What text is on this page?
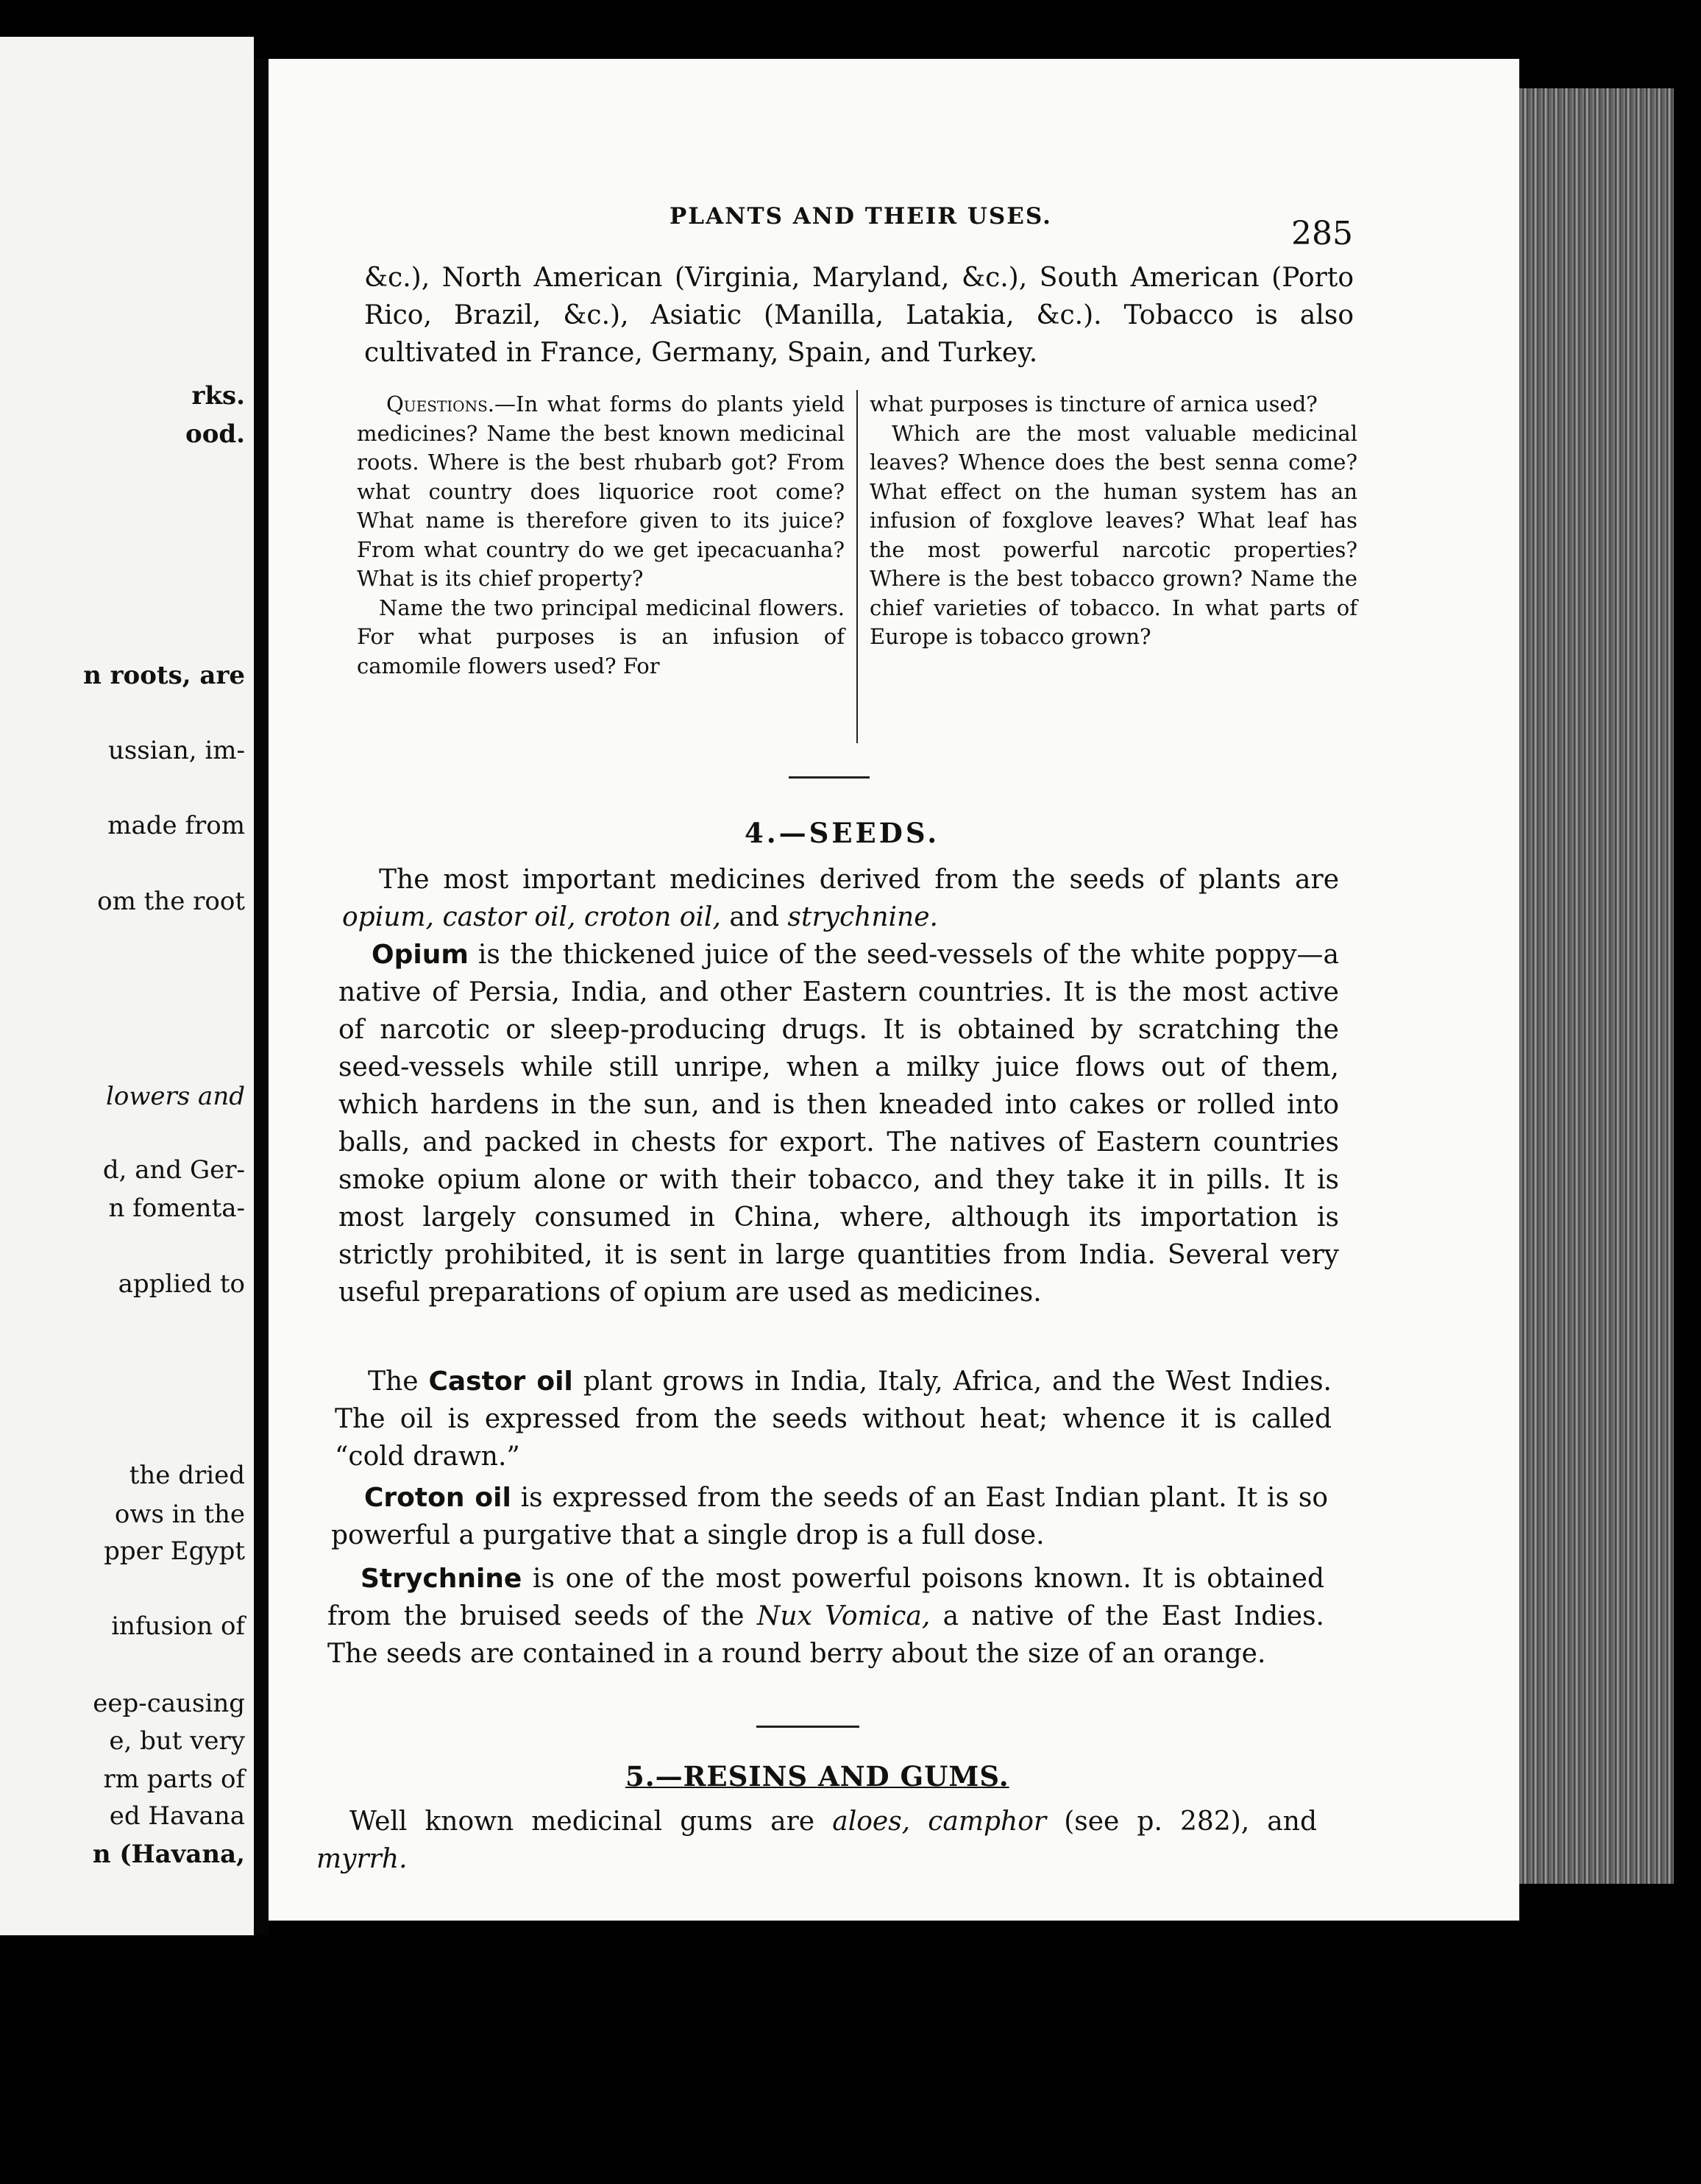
rks.
ood.
n roots, are
ussian, im-
made from
om the root
lowers and
d, and Ger-
n fomenta-
applied to
the dried
ows in the
pper Egypt
infusion of
eep-causing
e, but very
rm parts of
ed Havana
n (Havana,
PLANTS AND THEIR USES.	285

&c.), North American (Virginia, Maryland, &c.), South American (Porto Rico, Brazil, &c.), Asiatic (Manilla, Latakia, &c.). Tobacco is also cultivated in France, Germany, Spain, and Turkey.

Questions.—In what forms do plants yield medicines? Name the best known medicinal roots. Where is the best rhubarb got? From what country does liquorice root come? What name is therefore given to its juice? From what country do we get ipecacuanha? What is its chief property?

Name the two principal medicinal flowers. For what purposes is an infusion of camomile flowers used? For

what purposes is tincture of arnica used?

Which are the most valuable medicinal leaves? Whence does the best senna come? What effect on the human system has an infusion of foxglove leaves? What leaf has the most powerful narcotic properties? Where is the best tobacco grown? Name the chief varieties of tobacco. In what parts of Europe is tobacco grown?

4.—SEEDS.

The most important medicines derived from the seeds of plants are opium, castor oil, croton oil, and strychnine.

Opium is the thickened juice of the seed-vessels of the white poppy—a native of Persia, India, and other Eastern countries. It is the most active of narcotic or sleep-producing drugs. It is obtained by scratching the seed-vessels while still unripe, when a milky juice flows out of them, which hardens in the sun, and is then kneaded into cakes or rolled into balls, and packed in chests for export. The natives of Eastern countries smoke opium alone or with their tobacco, and they take it in pills. It is most largely consumed in China, where, although its importation is strictly prohibited, it is sent in large quantities from India. Several very useful preparations of opium are used as medicines.

The Castor oil plant grows in India, Italy, Africa, and the West Indies. The oil is expressed from the seeds without heat; whence it is called “cold drawn.”

Croton oil is expressed from the seeds of an East Indian plant. It is so powerful a purgative that a single drop is a full dose.

Strychnine is one of the most powerful poisons known. It is obtained from the bruised seeds of the Nux Vomica, a native of the East Indies. The seeds are contained in a round berry about the size of an orange.

5.—RESINS AND GUMS.

Well known medicinal gums are aloes, camphor (see p. 282), and myrrh.
